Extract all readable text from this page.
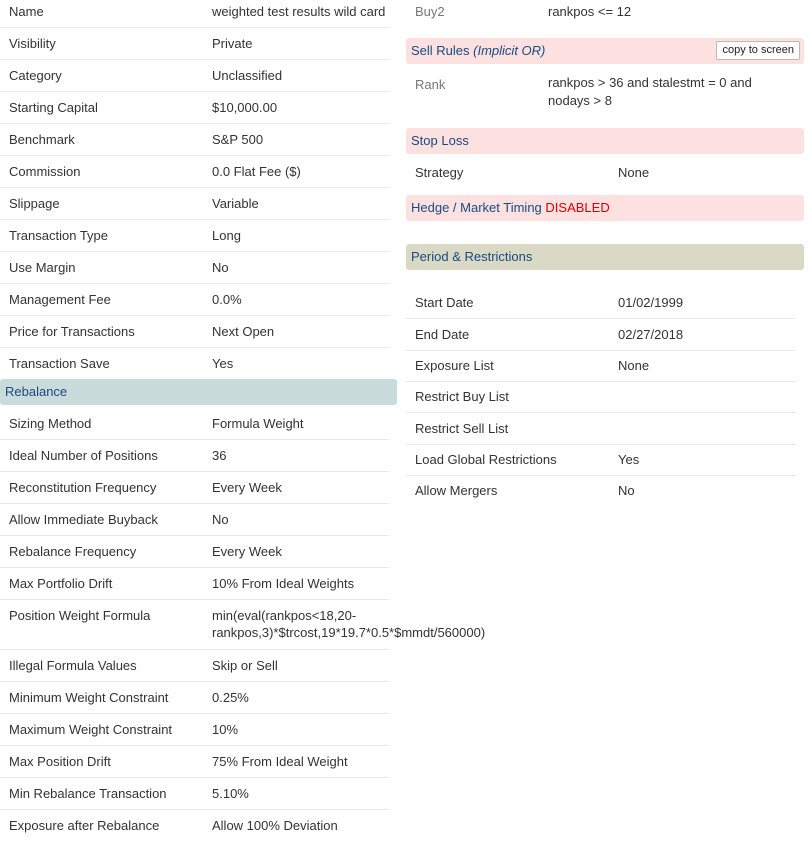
Name	weighted test results wild card
Visibility	Private
Category	Unclassified
Starting Capital	$10,000.00
Benchmark	S&P 500
Commission	0.0 Flat Fee ($)
Slippage	Variable
Transaction Type	Long
Use Margin	No
Management Fee	0.0%
Price for Transactions	Next Open
Transaction Save	Yes
Rebalance
Sizing Method	Formula Weight
Ideal Number of Positions	36
Reconstitution Frequency	Every Week
Allow Immediate Buyback	No
Rebalance Frequency	Every Week
Max Portfolio Drift	10% From Ideal Weights
Position Weight Formula	min(eval(rankpos<18,20-
rankpos,3)*$trcost,19*19.7*0.5*$mmdt/560000)
Illegal Formula Values	Skip or Sell
Minimum Weight Constraint	0.25%
Maximum Weight Constraint	10%
Max Position Drift	75% From Ideal Weight
Min Rebalance Transaction	5.10%
Exposure after Rebalance	Allow 100% Deviation
Buy2	rankpos <= 12
Sell Rules (Implicit OR)	copy to screen
Rank	rankpos > 36 and stalestmt = 0 and
nodays > 8
Stop Loss
Strategy	None
Hedge / Market Timing DISABLED
Period & Restrictions
Start Date	01/02/1999
End Date	02/27/2018
Exposure List	None
Restrict Buy List
Restrict Sell List
Load Global Restrictions	Yes
Allow Mergers	No
